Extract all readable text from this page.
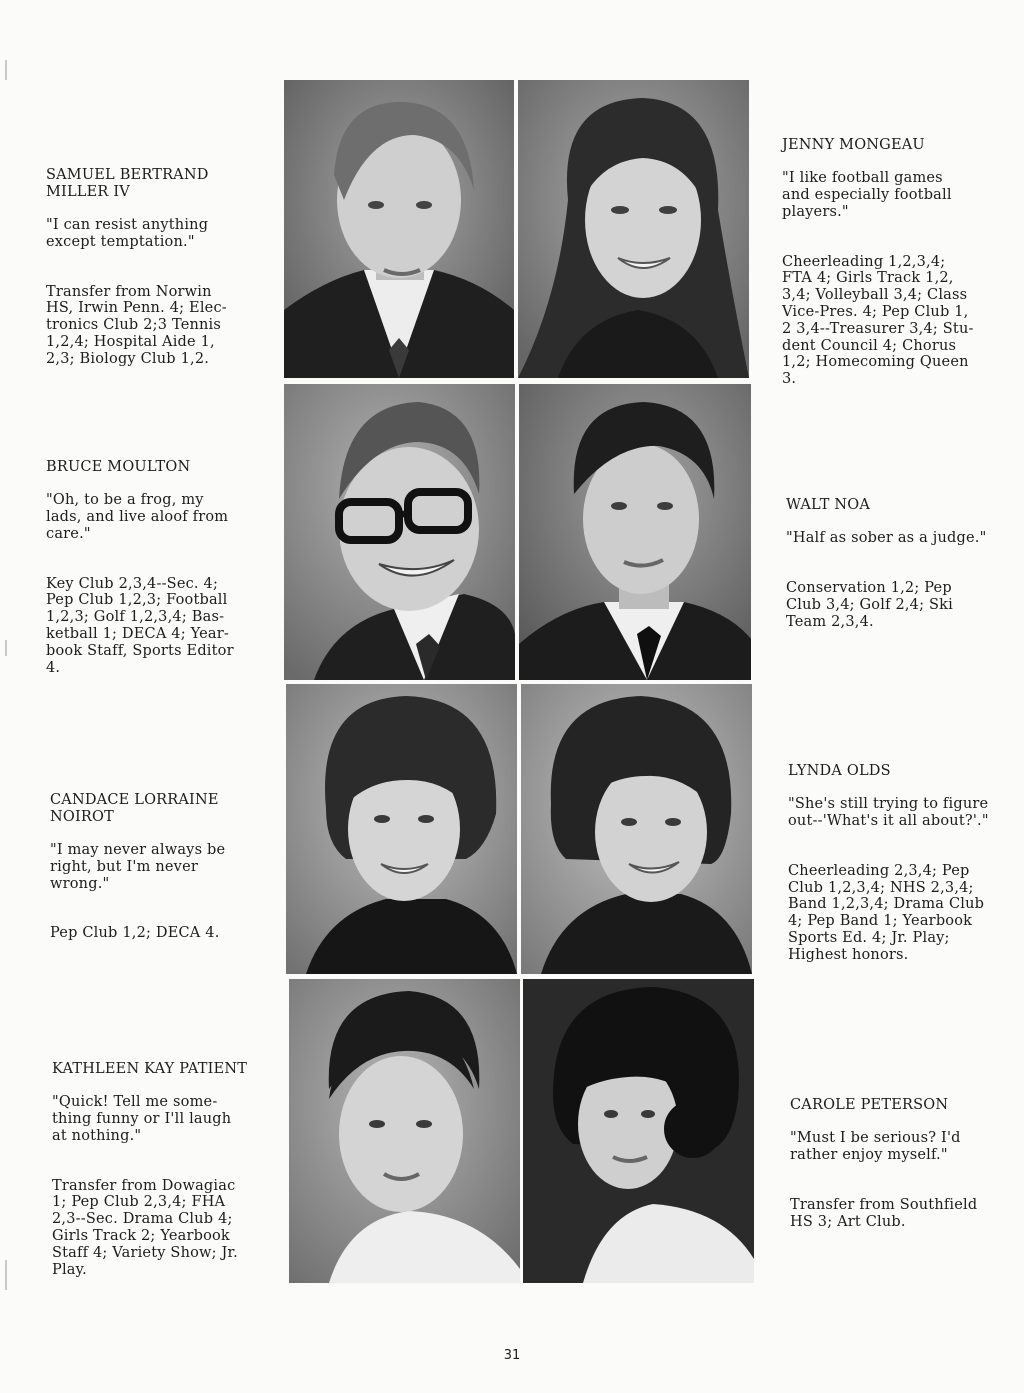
SAMUEL BERTRAND
MILLER IV

"I can resist anything
except temptation."

Transfer from Norwin
HS, Irwin Penn. 4; Elec-
tronics Club 2;3 Tennis
1,2,4; Hospital Aide 1,
2,3; Biology Club 1,2.

JENNY MONGEAU

"I like football games
and especially football
players."

Cheerleading 1,2,3,4;
FTA 4; Girls Track 1,2,
3,4; Volleyball 3,4; Class
Vice-Pres. 4; Pep Club 1,
2 3,4--Treasurer 3,4; Stu-
dent Council 4; Chorus
1,2; Homecoming Queen
3.

BRUCE MOULTON

"Oh, to be a frog, my
lads, and live aloof from
care."

Key Club 2,3,4--Sec. 4;
Pep Club 1,2,3; Football
1,2,3; Golf 1,2,3,4; Bas-
ketball 1; DECA 4; Year-
book Staff, Sports Editor
4.

WALT NOA

"Half as sober as a judge."

Conservation 1,2; Pep
Club 3,4; Golf 2,4; Ski
Team 2,3,4.

CANDACE LORRAINE
NOIROT

"I may never always be
right, but I'm never
wrong."

Pep Club 1,2; DECA 4.

LYNDA OLDS

"She's still trying to figure
out--'What's it all about?'."

Cheerleading 2,3,4; Pep
Club 1,2,3,4; NHS 2,3,4;
Band 1,2,3,4; Drama Club
4; Pep Band 1; Yearbook
Sports Ed. 4; Jr. Play;
Highest honors.

KATHLEEN KAY PATIENT

"Quick! Tell me some-
thing funny or I'll laugh
at nothing."

Transfer from Dowagiac
1; Pep Club 2,3,4; FHA
2,3--Sec. Drama Club 4;
Girls Track 2; Yearbook
Staff 4; Variety Show; Jr.
Play.

CAROLE PETERSON

"Must I be serious? I'd
rather enjoy myself."

Transfer from Southfield
HS 3; Art Club.

31
